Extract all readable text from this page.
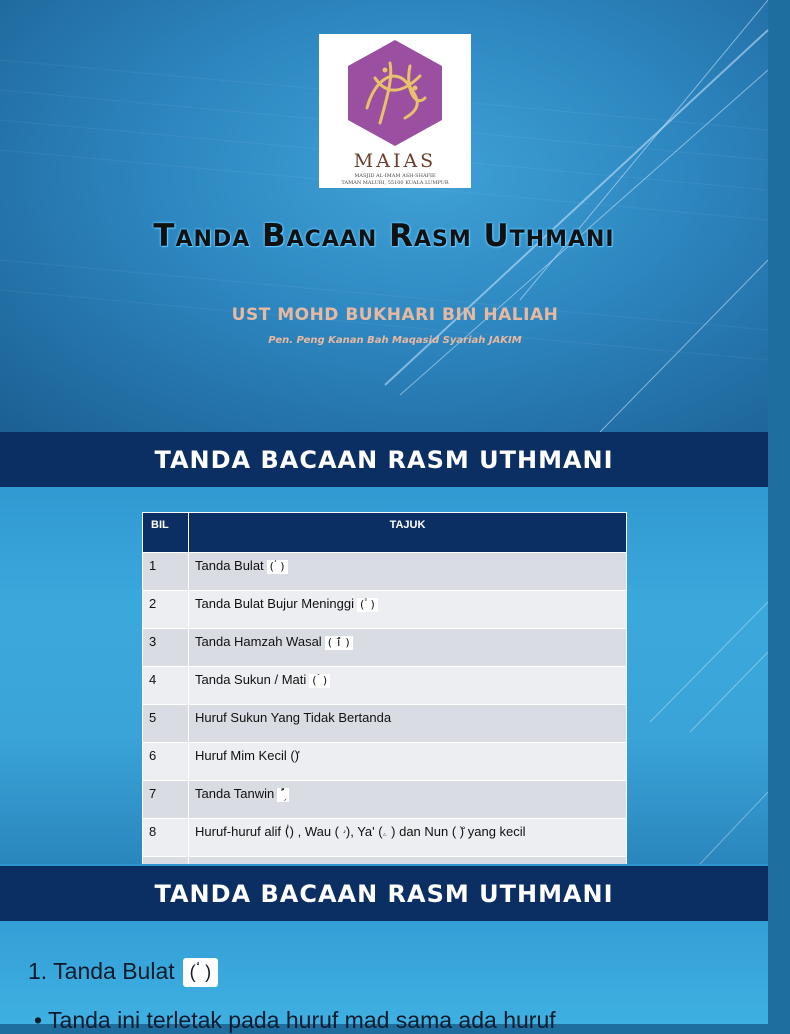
MAIAS
MASJID AL-IMAM ASH-SHAFIE
TAMAN MALURI, 55100 KUALA LUMPUR
Tanda Bacaan Rasm Uthmani
UST MOHD BUKHARI BIN HALIAH
Pen. Peng Kanan Bah Maqasid Syariah JAKIM
TANDA BACAAN RASM UTHMANI
BIL	TAJUK
1	Tanda Bulat ( ۟ )
2	Tanda Bulat Bujur Meninggi ( ۠ )
3	Tanda Hamzah Wasal ( ٱ )
4	Tanda Sukun / Mati ( ۡ )
5	Huruf Sukun Yang Tidak Bertanda
6	Huruf Mim Kecil (ۢ)
7	Tanda Tanwin ࣱ ࣰ ࣲ
8	Huruf-huruf alif (ٰ) , Wau ( ۥ), Ya' (ۦ ) dan Nun ( ۨ) yang kecil

TANDA BACAAN RASM UTHMANI
1. Tanda Bulat ( ۟ )
• Tanda ini terletak pada huruf mad sama ada huruf
